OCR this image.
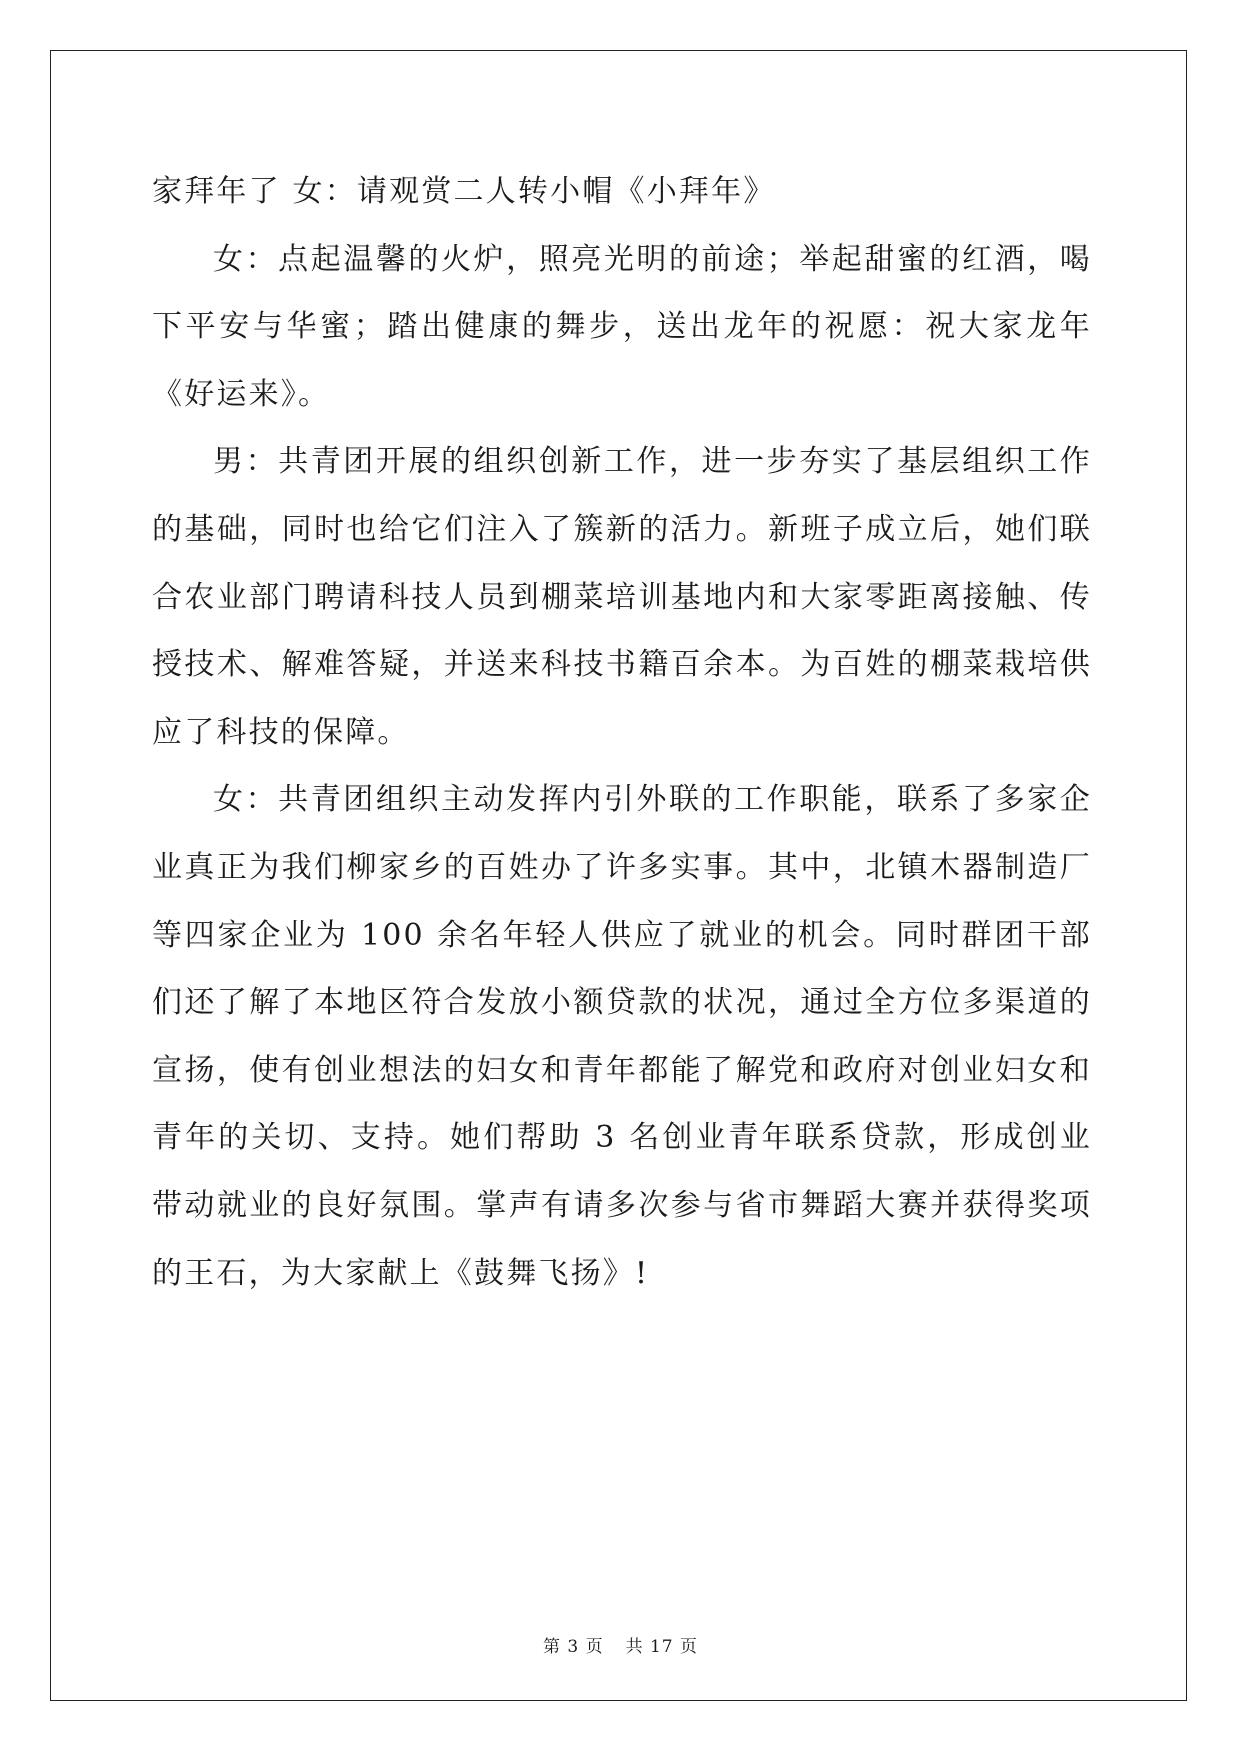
家拜年了 女：请观赏二人转小帽《小拜年》

女：点起温馨的火炉，照亮光明的前途；举起甜蜜的红酒，喝下平安与华蜜；踏出健康的舞步，送出龙年的祝愿：祝大家龙年《好运来》。

男：共青团开展的组织创新工作，进一步夯实了基层组织工作的基础，同时也给它们注入了簇新的活力。新班子成立后，她们联合农业部门聘请科技人员到棚菜培训基地内和大家零距离接触、传授技术、解难答疑，并送来科技书籍百余本。为百姓的棚菜栽培供应了科技的保障。

女：共青团组织主动发挥内引外联的工作职能，联系了多家企业真正为我们柳家乡的百姓办了许多实事。其中，北镇木器制造厂等四家企业为 100 余名年轻人供应了就业的机会。同时群团干部们还了解了本地区符合发放小额贷款的状况，通过全方位多渠道的宣扬，使有创业想法的妇女和青年都能了解党和政府对创业妇女和青年的关切、支持。她们帮助 3 名创业青年联系贷款，形成创业带动就业的良好氛围。掌声有请多次参与省市舞蹈大赛并获得奖项的王石，为大家献上《鼓舞飞扬》!

第 3 页 共 17 页
